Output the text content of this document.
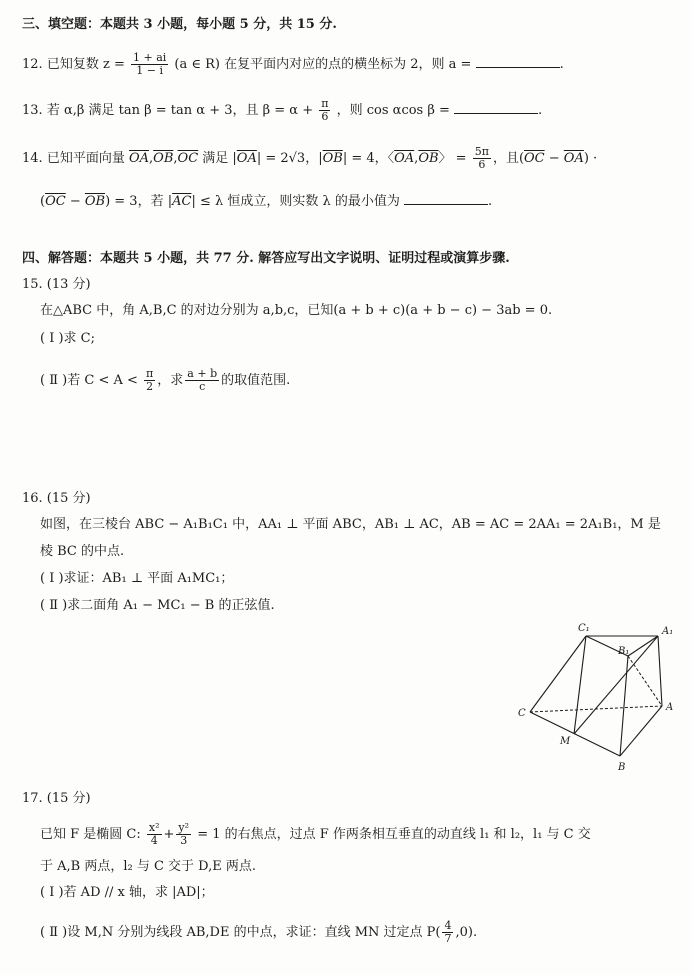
三、填空题：本题共 3 小题，每小题 5 分，共 15 分.
12. 已知复数 $z = \frac{1 + ai}{1 - i} (a$ ∈ R) 在复平面内对应的点的横坐标为 2，则 a =	.
13. 若 α,β 满足 tan β = tan α + 3，且 $\beta = \alpha + \frac{\pi}{6}$ ，则 cos αcos β =	.
14. 已知平面向量 $\overline{OA},\overline{OB},\overline{OC}$ 满足 $|\overline{OA}| = 2√3$，$|\overline{OB}| = 4$，〈$\overline{OA},\overline{OB}$〉 = $\frac{5\pi}{6}$ ，且$(\overline{OC} - \overline{OA})$ ·
$(\overline{OC} - \overline{OB}) = 3$，若 $|\overline{AC}| \le \lambda$ 恒成立，则实数 λ 的最小值为	.
四、解答题：本题共 5 小题，共 77 分. 解答应写出文字说明、证明过程或演算步骤.
15. (13 分)
在△ABC 中，角 A,B,C 的对边分别为 a,b,c，已知(a + b + c)(a + b − c) − 3ab = 0.
( Ⅰ )求 C;
( Ⅱ )若 $C < A < \frac{\pi}{2}$ ，求 $\frac{a + b}{c}$ 的取值范围.
16. (15 分)
如图，在三棱台 ABC − A₁B₁C₁ 中，AA₁ ⊥ 平面 ABC，AB₁ ⊥ AC，AB = AC = 2AA₁ = 2A₁B₁，M 是
棱 BC 的中点.
( Ⅰ )求证：AB₁ ⊥ 平面 A₁MC₁；
( Ⅱ )求二面角 A₁ − MC₁ − B 的正弦值.
C₁	A₁
B₁
C
A
M
B
17. (15 分)
已知 F 是椭圆 C: $\frac{\text{x²}}{4} + \frac{\text{y²}}{3} = 1$ 的右焦点，过点 F 作两条相互垂直的动直线 l₁ 和 l₂，l₁ 与 C 交
于 A,B 两点，l₂ 与 C 交于 D,E 两点.
( Ⅰ )若 AD // x 轴，求 |AD|；
( Ⅱ )设 M,N 分别为线段 AB,DE 的中点，求证：直线 MN 过定点 $P( \frac{4}{7} ,0)$.
